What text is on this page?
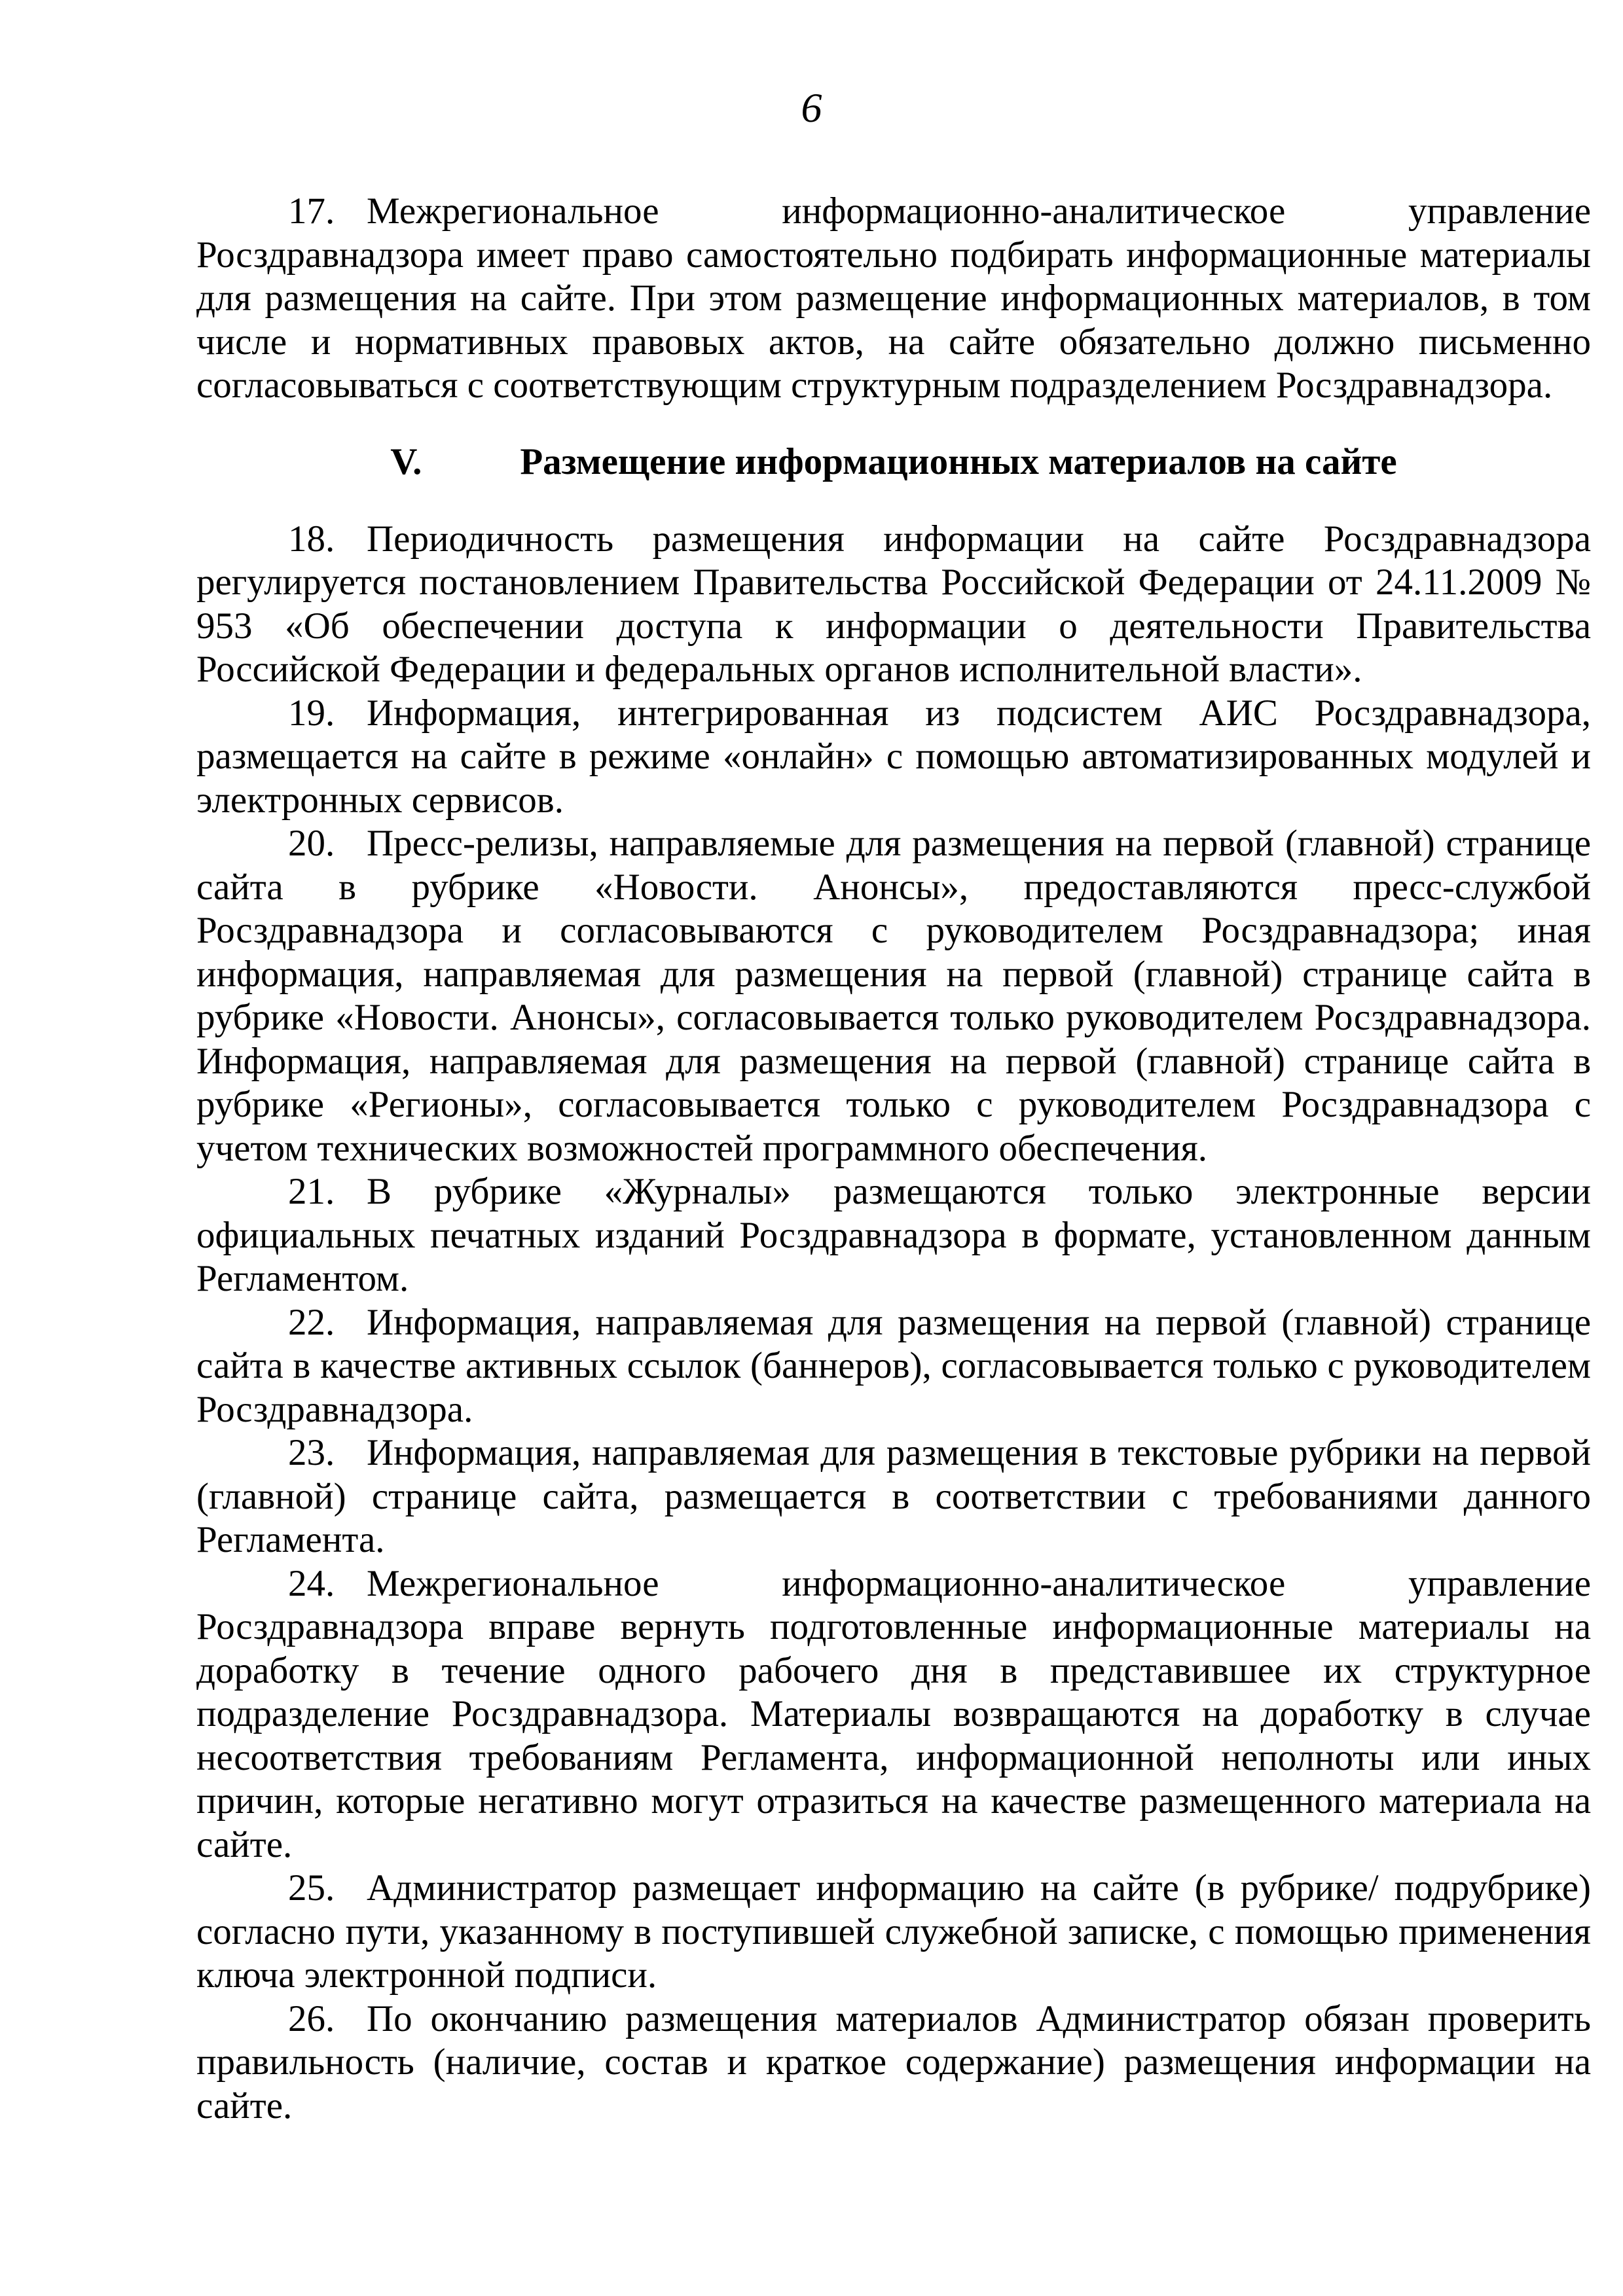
6

17. Межрегиональное информационно-аналитическое управление Росздравнадзора имеет право самостоятельно подбирать информационные материалы для размещения на сайте. При этом размещение информационных материалов, в том числе и нормативных правовых актов, на сайте обязательно должно письменно согласовываться с соответствующим структурным подразделением Росздравнадзора.

V.	Размещение информационных материалов на сайте

18. Периодичность размещения информации на сайте Росздравнадзора регулируется постановлением Правительства Российской Федерации от 24.11.2009 № 953 «Об обеспечении доступа к информации о деятельности Правительства Российской Федерации и федеральных органов исполнительной власти».

19. Информация, интегрированная из подсистем АИС Росздравнадзора, размещается на сайте в режиме «онлайн» с помощью автоматизированных модулей и электронных сервисов.

20. Пресс-релизы, направляемые для размещения на первой (главной) странице сайта в рубрике «Новости. Анонсы», предоставляются пресс-службой Росздравнадзора и согласовываются с руководителем Росздравнадзора; иная информация, направляемая для размещения на первой (главной) странице сайта в рубрике «Новости. Анонсы», согласовывается только руководителем Росздравнадзора. Информация, направляемая для размещения на первой (главной) странице сайта в рубрике «Регионы», согласовывается только с руководителем Росздравнадзора с учетом технических возможностей программного обеспечения.

21. В рубрике «Журналы» размещаются только электронные версии официальных печатных изданий Росздравнадзора в формате, установленном данным Регламентом.

22. Информация, направляемая для размещения на первой (главной) странице сайта в качестве активных ссылок (баннеров), согласовывается только с руководителем Росздравнадзора.

23. Информация, направляемая для размещения в текстовые рубрики на первой (главной) странице сайта, размещается в соответствии с требованиями данного Регламента.

24. Межрегиональное информационно-аналитическое управление Росздравнадзора вправе вернуть подготовленные информационные материалы на доработку в течение одного рабочего дня в представившее их структурное подразделение Росздравнадзора. Материалы возвращаются на доработку в случае несоответствия требованиям Регламента, информационной неполноты или иных причин, которые негативно могут отразиться на качестве размещенного материала на сайте.

25. Администратор размещает информацию на сайте (в рубрике/ подрубрике) согласно пути, указанному в поступившей служебной записке, с помощью применения ключа электронной подписи.

26. По окончанию размещения материалов Администратор обязан проверить правильность (наличие, состав и краткое содержание) размещения информации на сайте.
